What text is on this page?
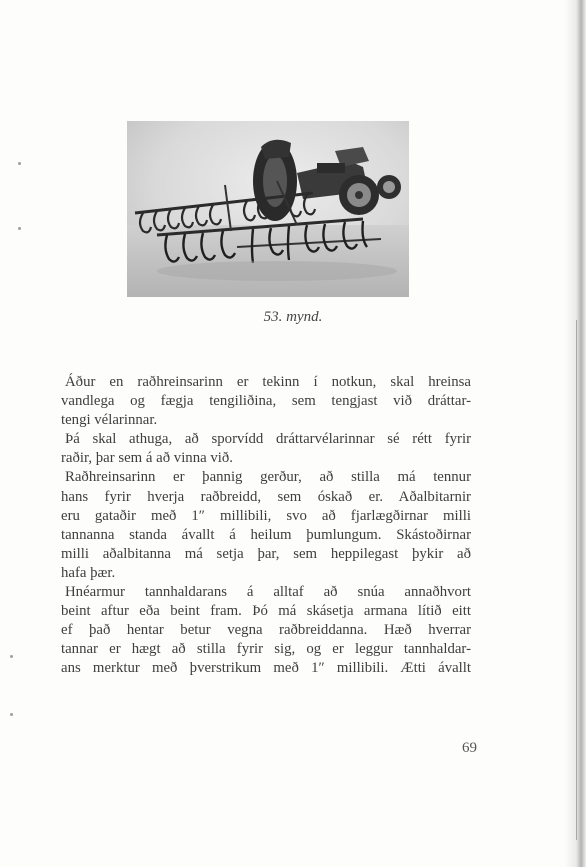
53. mynd.
Áður en raðhreinsarinn er tekinn í notkun, skal hreinsa
vandlega og fægja tengiliðina, sem tengjast við dráttar-
tengi vélarinnar.
Þá skal athuga, að sporvídd dráttarvélarinnar sé rétt fyrir
raðir, þar sem á að vinna við.
Raðhreinsarinn er þannig gerður, að stilla má tennur
hans fyrir hverja raðbreidd, sem óskað er. Aðalbitarnir
eru gataðir með 1″ millibili, svo að fjarlægðirnar milli
tannanna standa ávallt á heilum þumlungum. Skástoðirnar
milli aðalbitanna má setja þar, sem heppilegast þykir að
hafa þær.
Hnéarmur tannhaldarans á alltaf að snúa annaðhvort
beint aftur eða beint fram. Þó má skásetja armana lítið eitt
ef það hentar betur vegna raðbreiddanna. Hæð hverrar
tannar er hægt að stilla fyrir sig, og er leggur tannhaldar-
ans merktur með þverstrikum með 1″ millibili. Ætti ávallt
69
